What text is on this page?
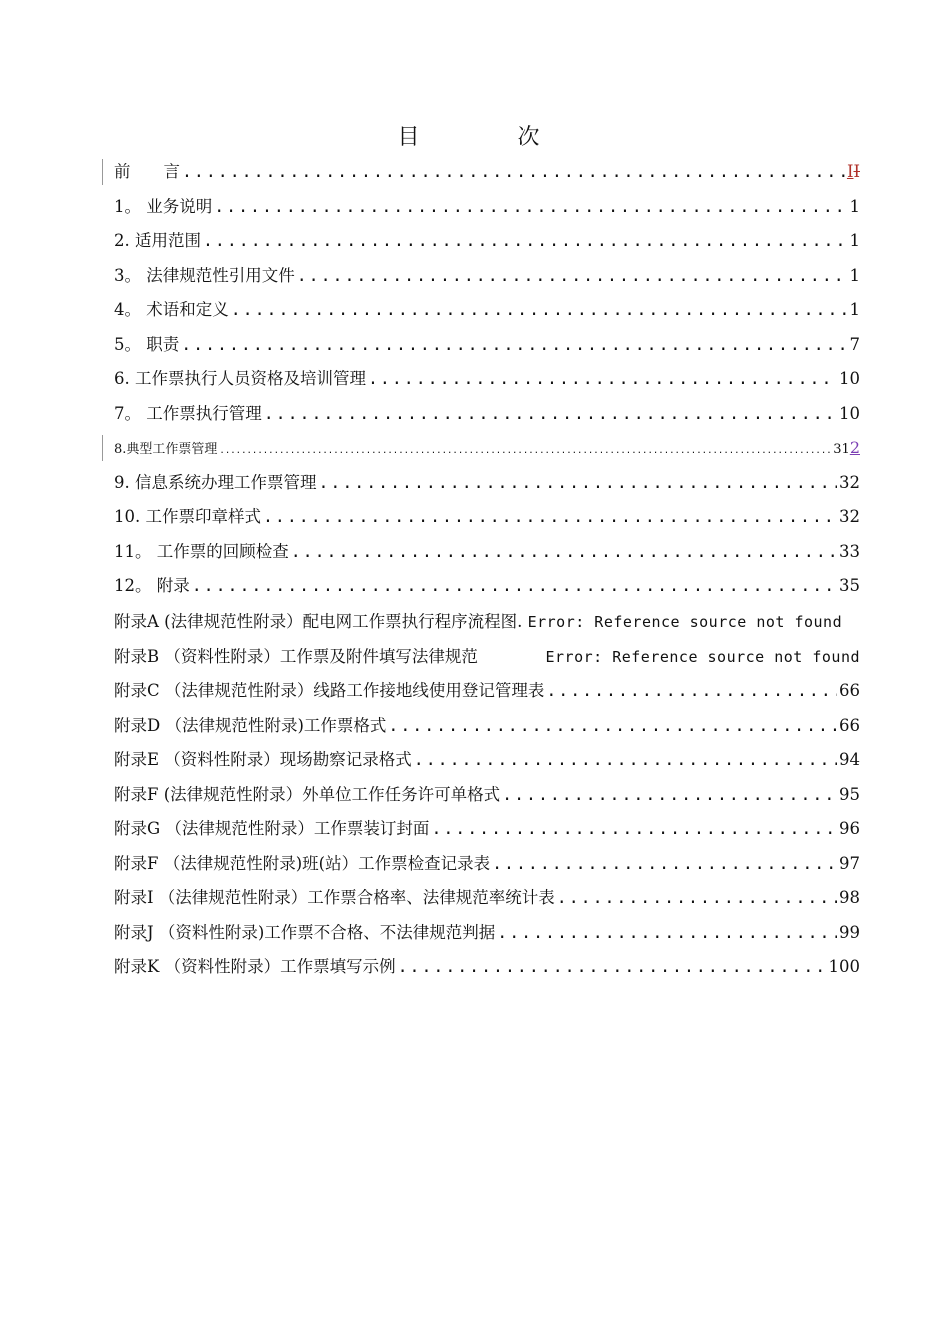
目　次
前　　言 .....	II
1。 业务说明 .....	1
2. 适用范围 .....	1
3。 法律规范性引用文件 .....	1
4。 术语和定义 .....	1
5。 职责 .....	7
6. 工作票执行人员资格及培训管理 .....	10
7。 工作票执行管理 .....	10
8.典型工作票管理 .....	312
9. 信息系统办理工作票管理 .....	32
10. 工作票印章样式 .....	32
11。 工作票的回顾检查 .....	33
12。 附录 .....	35
附录A (法律规范性附录）配电网工作票执行程序流程图. Error: Reference source not found
附录B （资料性附录）工作票及附件填写法律规范	Error: Reference source not found
附录C （法律规范性附录）线路工作接地线使用登记管理表 .....	66
附录D （法律规范性附录)工作票格式 .....	66
附录E （资料性附录）现场勘察记录格式 .....	94
附录F (法律规范性附录）外单位工作任务许可单格式 .....	95
附录G （法律规范性附录）工作票装订封面 .....	96
附录F （法律规范性附录)班(站）工作票检查记录表 .....	97
附录I （法律规范性附录）工作票合格率、法律规范率统计表 .....	98
附录J （资料性附录)工作票不合格、不法律规范判据 .....	99
附录K （资料性附录）工作票填写示例 .....	100
